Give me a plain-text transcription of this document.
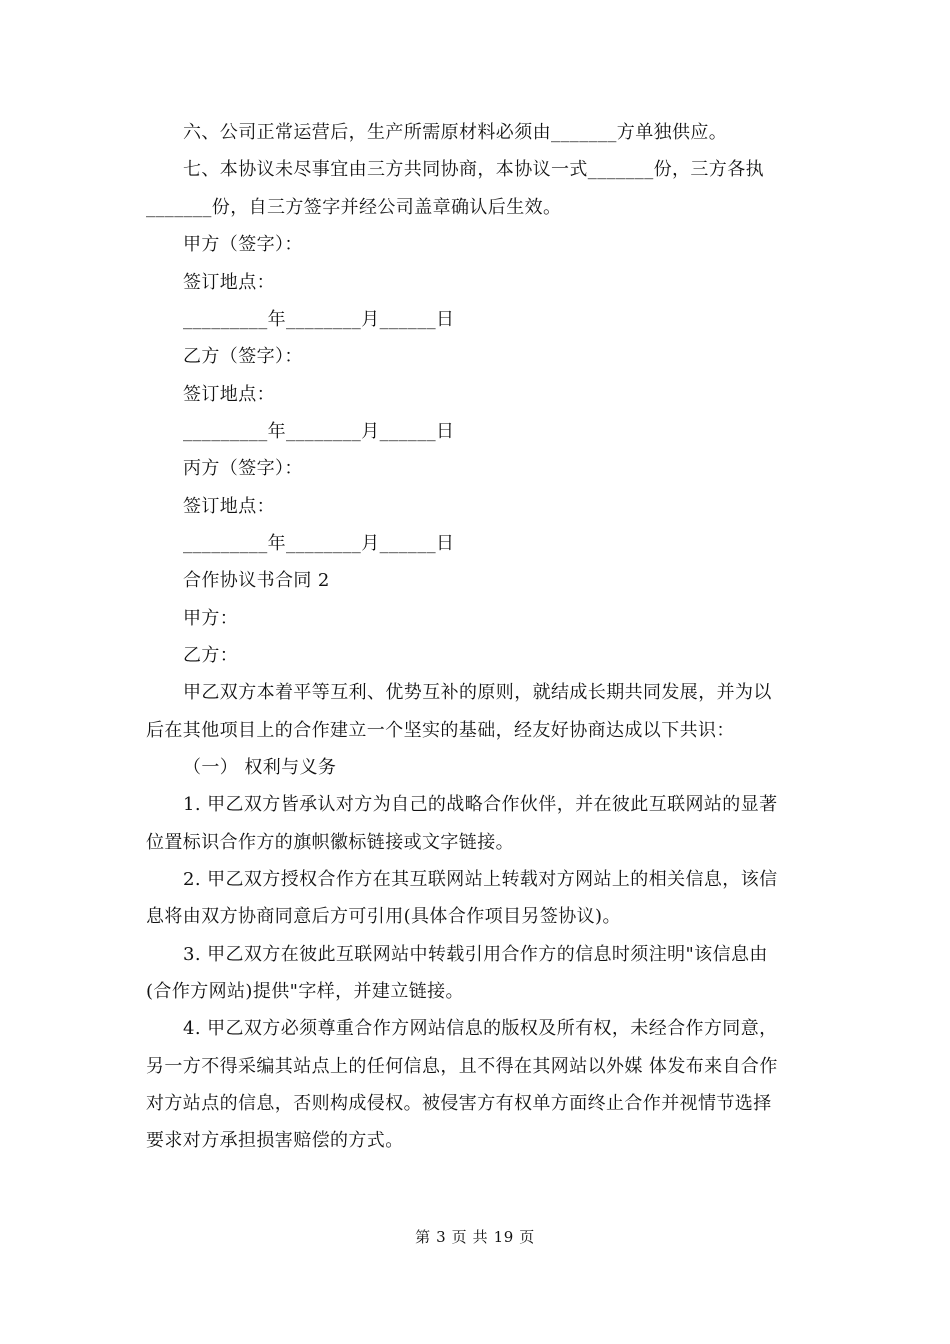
六、公司正常运营后，生产所需原材料必须由_______方单独供应。
七、本协议未尽事宜由三方共同协商，本协议一式_______份，三方各执
_______份，自三方签字并经公司盖章确认后生效。
甲方（签字）：
签订地点：
_________年________月______日
乙方（签字）：
签订地点：
_________年________月______日
丙方（签字）：
签订地点：
_________年________月______日
合作协议书合同 2
甲方：
乙方：
甲乙双方本着平等互利、优势互补的原则，就结成长期共同发展，并为以
后在其他项目上的合作建立一个坚实的基础，经友好协商达成以下共识：
（一） 权利与义务
1. 甲乙双方皆承认对方为自己的战略合作伙伴，并在彼此互联网站的显著
位置标识合作方的旗帜徽标链接或文字链接。
2. 甲乙双方授权合作方在其互联网站上转载对方网站上的相关信息，该信
息将由双方协商同意后方可引用(具体合作项目另签协议)。
3. 甲乙双方在彼此互联网站中转载引用合作方的信息时须注明"该信息由
(合作方网站)提供"字样，并建立链接。
4. 甲乙双方必须尊重合作方网站信息的版权及所有权，未经合作方同意，
另一方不得采编其站点上的任何信息，且不得在其网站以外媒 体发布来自合作
对方站点的信息，否则构成侵权。被侵害方有权单方面终止合作并视情节选择
要求对方承担损害赔偿的方式。
第 3 页 共 19 页
